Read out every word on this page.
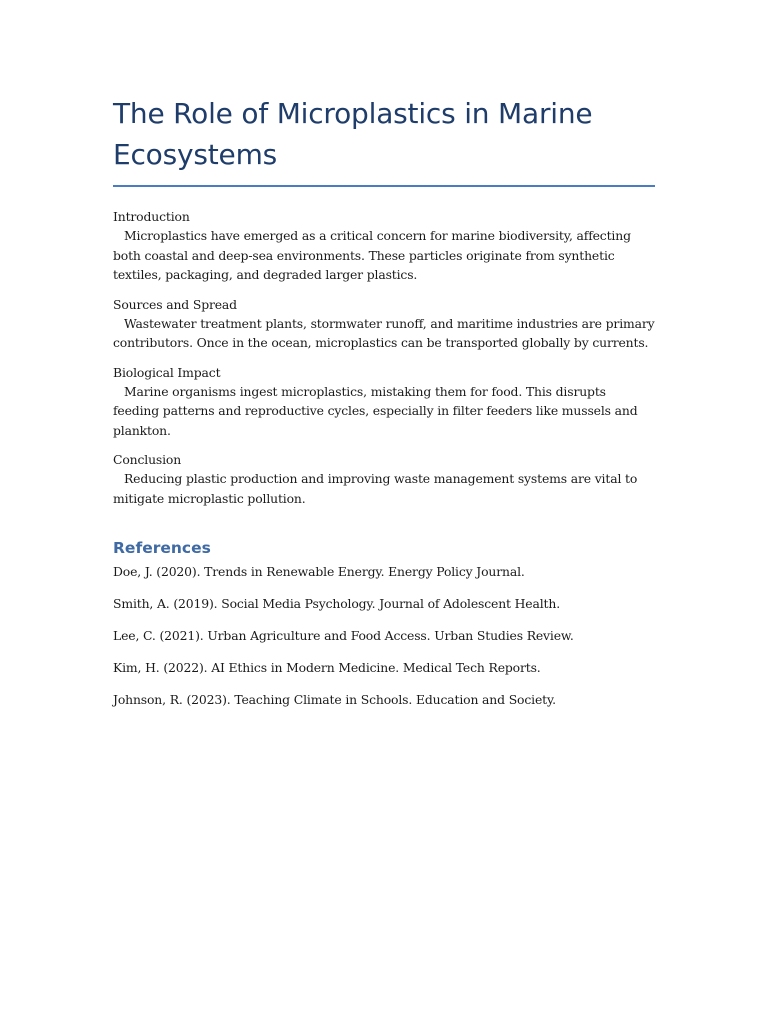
The Role of Microplastics in Marine Ecosystems
Introduction
Microplastics have emerged as a critical concern for marine biodiversity, affecting both coastal and deep-sea environments. These particles originate from synthetic textiles, packaging, and degraded larger plastics.
Sources and Spread
Wastewater treatment plants, stormwater runoff, and maritime industries are primary contributors. Once in the ocean, microplastics can be transported globally by currents.
Biological Impact
Marine organisms ingest microplastics, mistaking them for food. This disrupts feeding patterns and reproductive cycles, especially in filter feeders like mussels and plankton.
Conclusion
Reducing plastic production and improving waste management systems are vital to mitigate microplastic pollution.
References
Doe, J. (2020). Trends in Renewable Energy. Energy Policy Journal.
Smith, A. (2019). Social Media Psychology. Journal of Adolescent Health.
Lee, C. (2021). Urban Agriculture and Food Access. Urban Studies Review.
Kim, H. (2022). AI Ethics in Modern Medicine. Medical Tech Reports.
Johnson, R. (2023). Teaching Climate in Schools. Education and Society.
